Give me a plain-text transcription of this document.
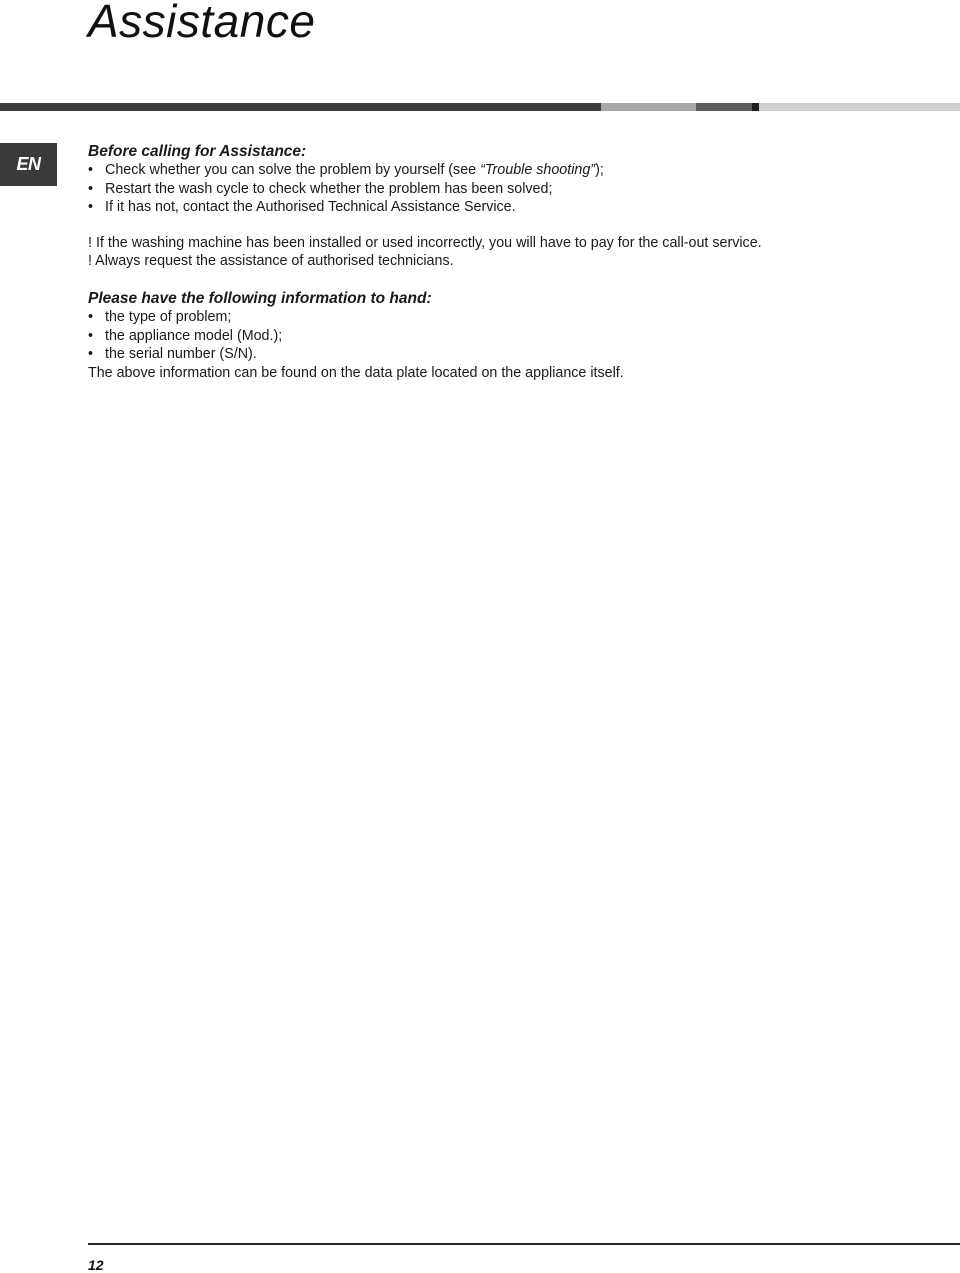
Assistance
EN
Before calling for Assistance:
• Check whether you can solve the problem by yourself (see “Trouble shooting”);
• Restart the wash cycle to check whether the problem has been solved;
• If it has not, contact the Authorised Technical Assistance Service.

! If the washing machine has been installed or used incorrectly, you will have to pay for the call-out service.

! Always request the assistance of authorised technicians.

Please have the following information to hand:
• the type of problem;
• the appliance model (Mod.);
• the serial number (S/N).

The above information can be found on the data plate located on the appliance itself.

12
